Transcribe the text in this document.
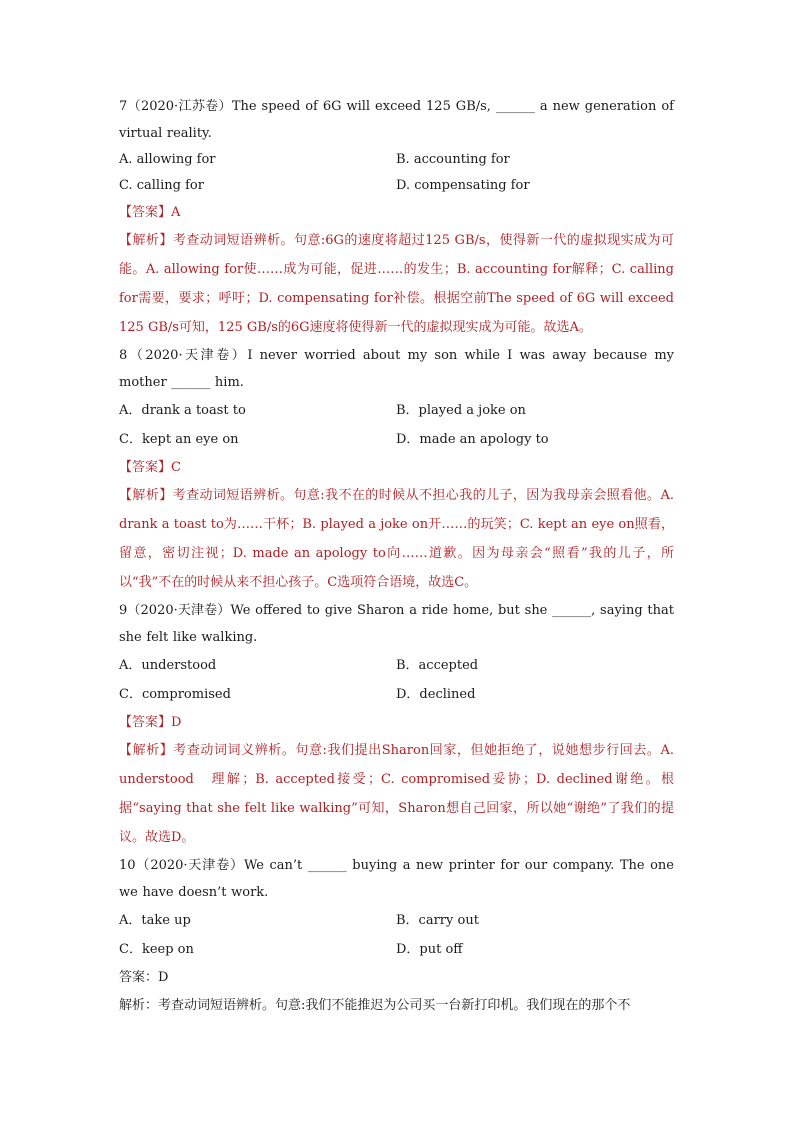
7（2020·江苏卷）The speed of 6G will exceed 125 GB/s, ______ a new generation of virtual reality.
A. allowing for	B. accounting for
C. calling for	D. compensating for
【答案】A
【解析】考查动词短语辨析。句意:6G的速度将超过125 GB/s，使得新一代的虚拟现实成为可能。A. allowing for使……成为可能，促进……的发生；B. accounting for解释；C. calling for需要，要求；呼吁；D. compensating for补偿。根据空前The speed of 6G will exceed 125 GB/s可知，125 GB/s的6G速度将使得新一代的虚拟现实成为可能。故选A。
8（2020·天津卷）I never worried about my son while I was away because my mother ______ him.
A．drank a toast to	B．played a joke on
C．kept an eye on	D．made an apology to
【答案】C
【解析】考查动词短语辨析。句意:我不在的时候从不担心我的儿子，因为我母亲会照看他。A. drank a toast to为……干杯；B. played a joke on开……的玩笑；C. kept an eye on照看，留意，密切注视；D. made an apology to向……道歉。因为母亲会“照看”我的儿子，所以“我”不在的时候从来不担心孩子。C选项符合语境，故选C。
9（2020·天津卷）We offered to give Sharon a ride home, but she ______, saying that she felt like walking.
A．understood	B．accepted
C．compromised	D．declined
【答案】D
【解析】考查动词词义辨析。句意:我们提出Sharon回家，但她拒绝了，说她想步行回去。A. understood　理解；B. accepted接受；C. compromised妥协；D. declined谢绝。根据“saying that she felt like walking”可知，Sharon想自己回家，所以她“谢绝”了我们的提议。故选D。
10（2020·天津卷）We can’t ______ buying a new printer for our company. The one we have doesn’t work.
A．take up	B．carry out
C．keep on	D．put off
答案：D
解析：考查动词短语辨析。句意:我们不能推迟为公司买一台新打印机。我们现在的那个不
